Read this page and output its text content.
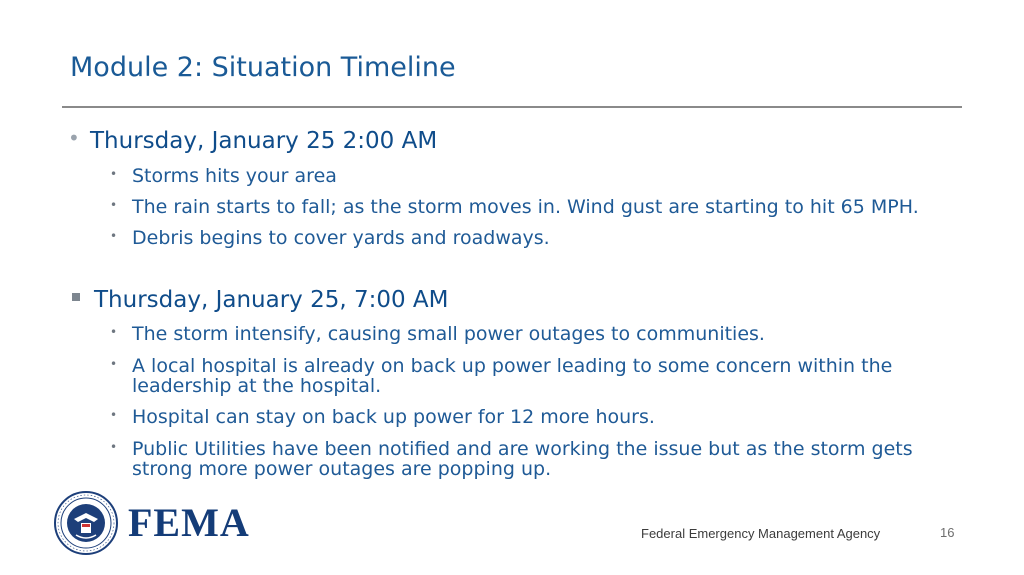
Module 2: Situation Timeline
• Thursday, January 25 2:00 AM
• Storms hits your area
• The rain starts to fall; as the storm moves in. Wind gust are starting to hit 65 MPH.
• Debris begins to cover yards and roadways.
Thursday, January 25, 7:00 AM
• The storm intensify, causing small power outages to communities.
• A local hospital is already on back up power leading to some concern within the leadership at the hospital.
• Hospital can stay on back up power for 12 more hours.
• Public Utilities have been notified and are working the issue but as the storm gets strong more power outages are popping up.
FEMA	Federal Emergency Management Agency	16
